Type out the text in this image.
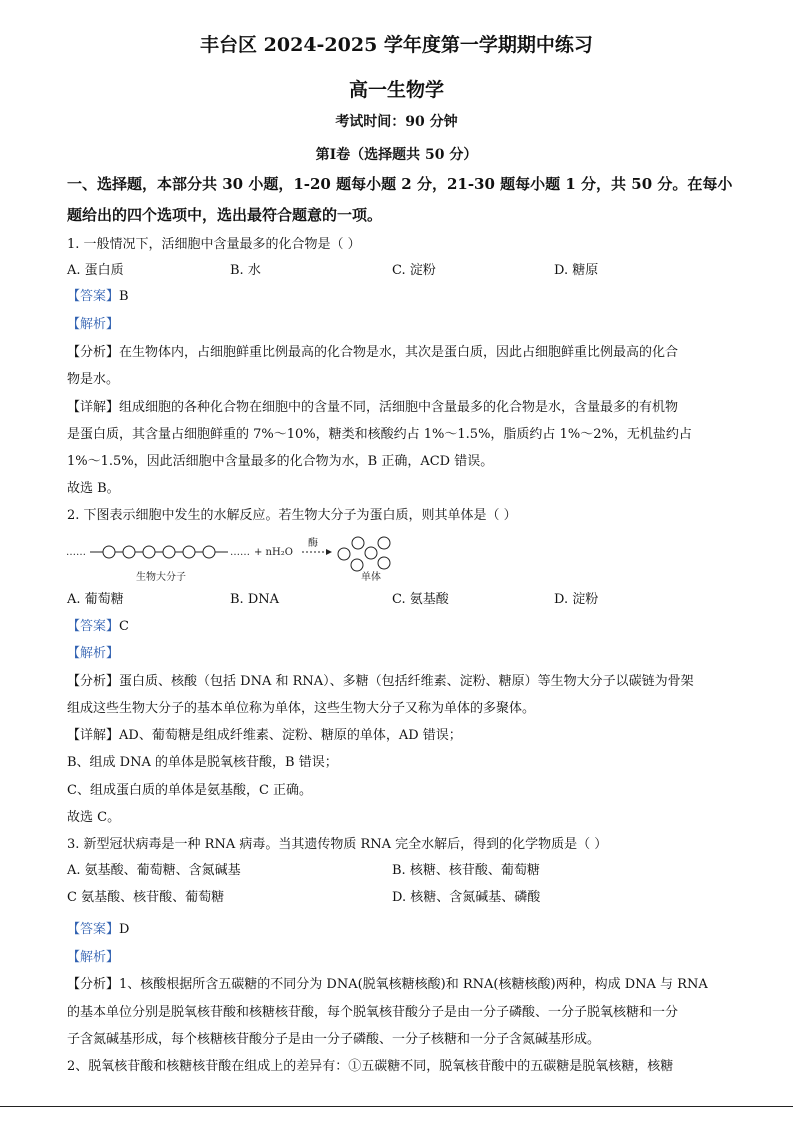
丰台区 2024-2025 学年度第一学期期中练习
高一生物学
考试时间：90 分钟
第Ⅰ卷（选择题共 50 分）
一、选择题，本部分共 30 小题，1-20 题每小题 2 分，21-30 题每小题 1 分，共 50 分。在每小
题给出的四个选项中，选出最符合题意的一项。
1. 一般情况下，活细胞中含量最多的化合物是（ ）
A. 蛋白质	B. 水	C. 淀粉	D. 糖原
【答案】B
【解析】
【分析】在生物体内，占细胞鲜重比例最高的化合物是水，其次是蛋白质，因此占细胞鲜重比例最高的化合
物是水。
【详解】组成细胞的各种化合物在细胞中的含量不同，活细胞中含量最多的化合物是水，含量最多的有机物
是蛋白质，其含量占细胞鲜重的 7%～10%，糖类和核酸约占 1%～1.5%，脂质约占 1%～2%，无机盐约占
1%～1.5%，因此活细胞中含量最多的化合物为水，B 正确，ACD 错误。
故选 B。
2. 下图表示细胞中发生的水解反应。若生物大分子为蛋白质，则其单体是（ ）
……	…… + nH₂O
酶
生物大分子	单体
A. 葡萄糖	B. DNA	C. 氨基酸	D. 淀粉
【答案】C
【解析】
【分析】蛋白质、核酸（包括 DNA 和 RNA）、多糖（包括纤维素、淀粉、糖原）等生物大分子以碳链为骨架
组成这些生物大分子的基本单位称为单体，这些生物大分子又称为单体的多聚体。
【详解】AD、葡萄糖是组成纤维素、淀粉、糖原的单体，AD 错误；
B、组成 DNA 的单体是脱氧核苷酸，B 错误；
C、组成蛋白质的单体是氨基酸，C 正确。
故选 C。
3. 新型冠状病毒是一种 RNA 病毒。当其遗传物质 RNA 完全水解后，得到的化学物质是（ ）
A. 氨基酸、葡萄糖、含氮碱基	B. 核糖、核苷酸、葡萄糖
C 氨基酸、核苷酸、葡萄糖	D. 核糖、含氮碱基、磷酸
【答案】D
【解析】
【分析】1、核酸根据所含五碳糖的不同分为 DNA(脱氧核糖核酸)和 RNA(核糖核酸)两种，构成 DNA 与 RNA
的基本单位分别是脱氧核苷酸和核糖核苷酸，每个脱氧核苷酸分子是由一分子磷酸、一分子脱氧核糖和一分
子含氮碱基形成，每个核糖核苷酸分子是由一分子磷酸、一分子核糖和一分子含氮碱基形成。
2、脱氧核苷酸和核糖核苷酸在组成上的差异有：①五碳糖不同，脱氧核苷酸中的五碳糖是脱氧核糖，核糖
